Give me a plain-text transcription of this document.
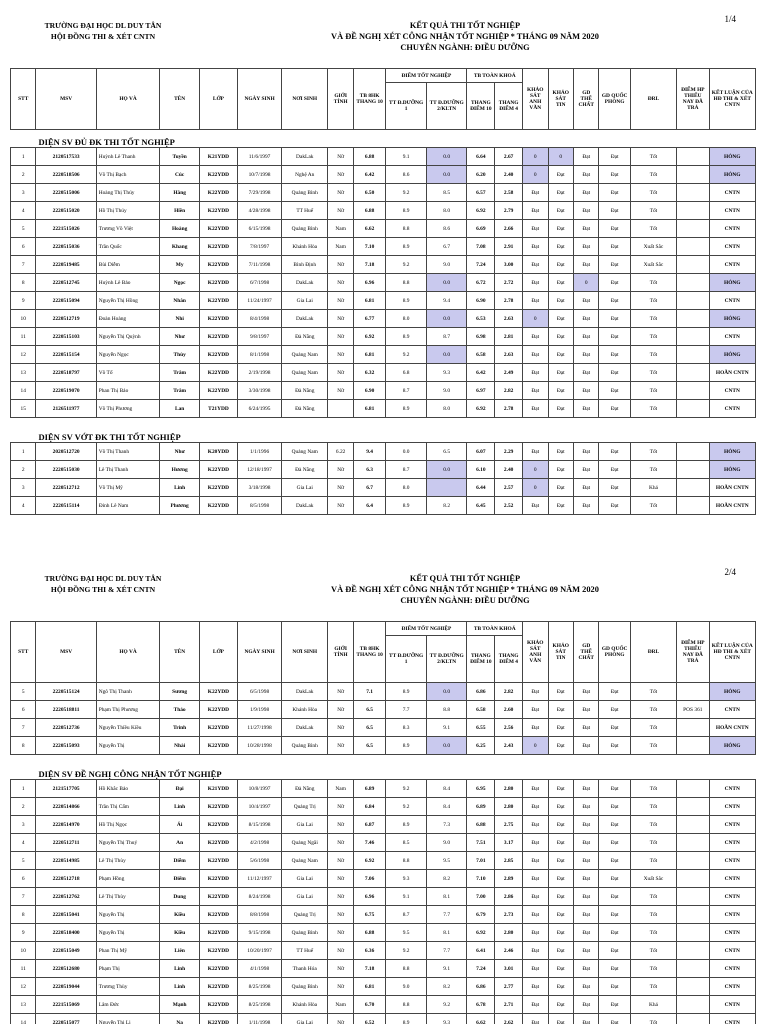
1/4
TRƯỜNG ĐẠI HỌC DL DUY TÂN
HỘI ĐỒNG THI & XÉT CNTN
KẾT QUẢ THI TỐT NGHIỆP
VÀ ĐỀ NGHỊ XÉT CÔNG NHẬN TỐT NGHIỆP * THÁNG 09 NĂM 2020
CHUYÊN NGÀNH: ĐIỀU DƯỠNG
STT	MSV	HỌ VÀ	TÊN	LỚP	NGÀY SINH	NƠI SINH	GIỚI TÍNH	TB 8HK THANG 10	ĐIỂM TỐT NGHIỆP		TB TOÀN KHOÁ		KHẢO SÁT ANH VĂN	KHẢO SÁT TIN	GD THỂ CHẤT	GD QUỐC PHÒNG	ĐRL	ĐIỂM HP THIẾU NAY ĐÃ TRẢ	KẾT LUẬN CỦA HĐ THI & XÉT CNTN
									TT Đ.DƯỠNG 1	TT Đ.DƯỠNG 2/KLTN	THANG ĐIỂM 10	THANG ĐIỂM 4							
DIỆN SV ĐỦ ĐK THI TỐT NGHIỆP																			
1	2120517533	Huỳnh Lê Thanh	Tuyền	K21YDD	11/6/1997	DakLak	Nữ	6.88	9.1	0.0	6.64	2.67	0	0	Đạt	Đạt	Tốt		HỎNG
2	2220518506	Võ Thị Bạch	Cúc	K22YDD	10/7/1998	Nghệ An	Nữ	6.42	8.6	0.0	6.20	2.40	0	Đạt	Đạt	Đạt	Tốt		HỎNG
3	2220515006	Hoàng Thị Thúy	Hằng	K22YDD	7/29/1998	Quảng Bình	Nữ	6.50	9.2	8.5	6.57	2.58	Đạt	Đạt	Đạt	Đạt	Tốt		CNTN
4	2220515020	Hồ Thị Thúy	Hiền	K22YDD	4/28/1998	TT Huế	Nữ	6.88	8.9	8.0	6.92	2.79	Đạt	Đạt	Đạt	Đạt	Tốt		CNTN
5	2221515026	Trương Võ Việt	Hoàng	K22YDD	6/15/1998	Quảng Bình	Nam	6.62	8.8	8.6	6.69	2.66	Đạt	Đạt	Đạt	Đạt	Tốt		CNTN
6	2220515036	Trần Quốc	Khang	K22YDD	7/8/1997	Khánh Hòa	Nam	7.10	8.9	6.7	7.08	2.91	Đạt	Đạt	Đạt	Đạt	Xuất Sắc		CNTN
7	2220519485	Bùi Diễm	My	K22YDD	7/11/1998	Bình Định	Nữ	7.18	9.2	9.0	7.24	3.00	Đạt	Đạt	Đạt	Đạt	Xuất Sắc		CNTN
8	2220512745	Huỳnh Lê Bảo	Ngọc	K22YDD	6/7/1998	DakLak	Nữ	6.96	8.8	0.0	6.72	2.72	Đạt	Đạt	0	Đạt	Tốt		HỎNG
9	2220515094	Nguyễn Thị Hồng	Nhân	K22YDD	11/24/1997	Gia Lai	Nữ	6.81	8.9	9.4	6.90	2.78	Đạt	Đạt	Đạt	Đạt	Tốt		CNTN
10	2220512719	Đoàn Hoàng	Nhi	K22YDD	8/4/1998	DakLak	Nữ	6.77	8.0	0.0	6.53	2.63	0	Đạt	Đạt	Đạt	Tốt		HỎNG
11	2220515103	Nguyễn Thị Quỳnh	Như	K22YDD	9/8/1997	Đà Nẵng	Nữ	6.92	8.9	8.7	6.98	2.81	Đạt	Đạt	Đạt	Đạt	Tốt		CNTN
12	2220515154	Nguyễn Ngọc	Thùy	K22YDD	8/1/1998	Quảng Nam	Nữ	6.81	9.2	0.0	6.58	2.63	Đạt	Đạt	Đạt	Đạt	Tốt		HỎNG
13	2220518797	Võ Tố	Trâm	K22YDD	2/19/1998	Quảng Nam	Nữ	6.32	6.8	9.3	6.42	2.49	Đạt	Đạt	Đạt	Đạt	Tốt		HOÃN CNTN
14	2220519070	Phan Thị Bảo	Trâm	K22YDD	3/30/1998	Đà Nẵng	Nữ	6.90	8.7	9.0	6.97	2.82	Đạt	Đạt	Đạt	Đạt	Tốt		CNTN
15	2126511977	Võ Thị Phương	Lan	T21YDD	6/24/1995	Đà Nẵng		6.81	8.9	8.0	6.92	2.78	Đạt	Đạt	Đạt	Đạt	Tốt		CNTN

DIỆN SV VỚT ĐK THI TỐT NGHIỆP																			
1	2020512720	Võ Thị Thanh	Như	K20YDD	1/1/1996	Quảng Nam	6.22	9.4	0.0	6.5	6.07	2.29	Đạt	Đạt	Đạt	Đạt	Tốt		HỎNG
2	2220515030	Lê Thị Thanh	Hương	K22YDD	12/18/1997	Đà Nẵng	Nữ	6.3	8.7	0.0	6.10	2.40	0	Đạt	Đạt	Đạt	Tốt		HỎNG
3	2220512712	Võ Thị Mỹ	Linh	K22YDD	3/18/1998	Gia Lai	Nữ	6.7	8.0		6.44	2.57	0	Đạt	Đạt	Đạt	Khá		HOÃN CNTN
4	2220515114	Đinh Lê Nam	Phương	K22YDD	8/5/1998	DakLak	Nữ	6.4	8.9	8.2	6.45	2.52	Đạt	Đạt	Đạt	Đạt	Tốt		HOÃN CNTN
2/4
TRƯỜNG ĐẠI HỌC DL DUY TÂN
HỘI ĐỒNG THI & XÉT CNTN
KẾT QUẢ THI TỐT NGHIỆP
VÀ ĐỀ NGHỊ XÉT CÔNG NHẬN TỐT NGHIỆP * THÁNG 09 NĂM 2020
CHUYÊN NGÀNH: ĐIỀU DƯỠNG
STT	MSV	HỌ VÀ	TÊN	LỚP	NGÀY SINH	NƠI SINH	GIỚI TÍNH	TB 8HK THANG 10	ĐIỂM TỐT NGHIỆP		TB TOÀN KHOÁ		KHẢO SÁT ANH VĂN	KHẢO SÁT TIN	GD THỂ CHẤT	GD QUỐC PHÒNG	ĐRL	ĐIỂM HP THIẾU NAY ĐÃ TRẢ	KẾT LUẬN CỦA HĐ THI & XÉT CNTN
									TT Đ.DƯỠNG 1	TT Đ.DƯỠNG 2/KLTN	THANG ĐIỂM 10	THANG ĐIỂM 4							
5	2220515124	Ngô Thị Thanh	Sương	K22YDD	6/5/1998	DakLak	Nữ	7.1	8.9	0.0	6.86	2.82	Đạt	Đạt	Đạt	Đạt	Tốt		HỎNG
6	2220518811	Phạm Thị Phương	Thảo	K22YDD	1/9/1998	Khánh Hòa	Nữ	6.5	7.7	8.8	6.58	2.60	Đạt	Đạt	Đạt	Đạt	Tốt	POS 361	CNTN
7	2220512736	Nguyễn Thiều Kiều	Trinh	K22YDD	11/27/1998	DakLak	Nữ	6.5	8.3	9.1	6.55	2.56	Đạt	Đạt	Đạt	Đạt	Tốt		HOÃN CNTN
8	2220515093	Nguyễn Thị	Nhài	K22YDD	10/28/1998	Quảng Bình	Nữ	6.5	8.9	0.0	6.25	2.43	0	Đạt	Đạt	Đạt	Tốt		HỎNG

DIỆN SV ĐỀ NGHỊ CÔNG NHẬN TỐT NGHIỆP																			
1	2121517705	Hồ Khắc Bảo	Đại	K21YDD	10/8/1997	Đà Nẵng	Nam	6.89	9.2	8.4	6.95	2.80	Đạt	Đạt	Đạt	Đạt	Tốt		CNTN
2	2220514866	Trần Thị Cẩm	Linh	K22YDD	10/4/1997	Quảng Trị	Nữ	6.84	9.2	8.4	6.89	2.80	Đạt	Đạt	Đạt	Đạt	Tốt		CNTN
3	2220514970	Hồ Thị Ngọc	Ái	K22YDD	8/15/1998	Gia Lai	Nữ	6.87	8.9	7.3	6.88	2.75	Đạt	Đạt	Đạt	Đạt	Tốt		CNTN
4	2220512711	Nguyễn Thị Thuý	An	K22YDD	4/2/1998	Quảng Ngãi	Nữ	7.46	8.5	9.0	7.51	3.17	Đạt	Đạt	Đạt	Đạt	Tốt		CNTN
5	2220514985	Lê Thị Thùy	Diễm	K22YDD	5/6/1998	Quảng Nam	Nữ	6.92	8.8	9.5	7.01	2.85	Đạt	Đạt	Đạt	Đạt	Tốt		CNTN
6	2220512718	Phạm Hồng	Điểm	K22YDD	11/12/1997	Gia Lai	Nữ	7.06	9.3	8.2	7.10	2.89	Đạt	Đạt	Đạt	Đạt	Xuất Sắc		CNTN
7	2220512762	Lê Thị Thùy	Dung	K22YDD	8/24/1998	Gia Lai	Nữ	6.96	9.1	8.1	7.00	2.86	Đạt	Đạt	Đạt	Đạt	Tốt		CNTN
8	2220515041	Nguyễn Thị	Kiều	K22YDD	8/8/1998	Quảng Trị	Nữ	6.75	8.7	7.7	6.79	2.73	Đạt	Đạt	Đạt	Đạt	Tốt		CNTN
9	2220518400	Nguyễn Thị	Kiều	K22YDD	9/15/1998	Quảng Bình	Nữ	6.88	9.5	8.1	6.92	2.80	Đạt	Đạt	Đạt	Đạt	Tốt		CNTN
10	2220515049	Phan Thị Mỹ	Liên	K22YDD	10/20/1997	TT Huế	Nữ	6.36	9.2	7.7	6.41	2.46	Đạt	Đạt	Đạt	Đạt	Tốt		CNTN
11	2220512680	Phạm Thị	Linh	K22YDD	4/1/1998	Thanh Hóa	Nữ	7.18	8.8	9.1	7.24	3.01	Đạt	Đạt	Đạt	Đạt	Tốt		CNTN
12	2220519044	Trương Thùy	Linh	K22YDD	8/25/1998	Quảng Bình	Nữ	6.81	9.0	8.2	6.86	2.77	Đạt	Đạt	Đạt	Đạt	Tốt		CNTN
13	2221515069	Lâm Đức	Mạnh	K22YDD	8/25/1998	Khánh Hòa	Nam	6.70	8.8	9.2	6.78	2.71	Đạt	Đạt	Đạt	Đạt	Khá		CNTN
14	2220515077	Nguyễn Thị Li	Na	K22YDD	1/11/1998	Gia Lai	Nữ	6.52	8.9	9.3	6.62	2.62	Đạt	Đạt	Đạt	Đạt	Tốt		CNTN
